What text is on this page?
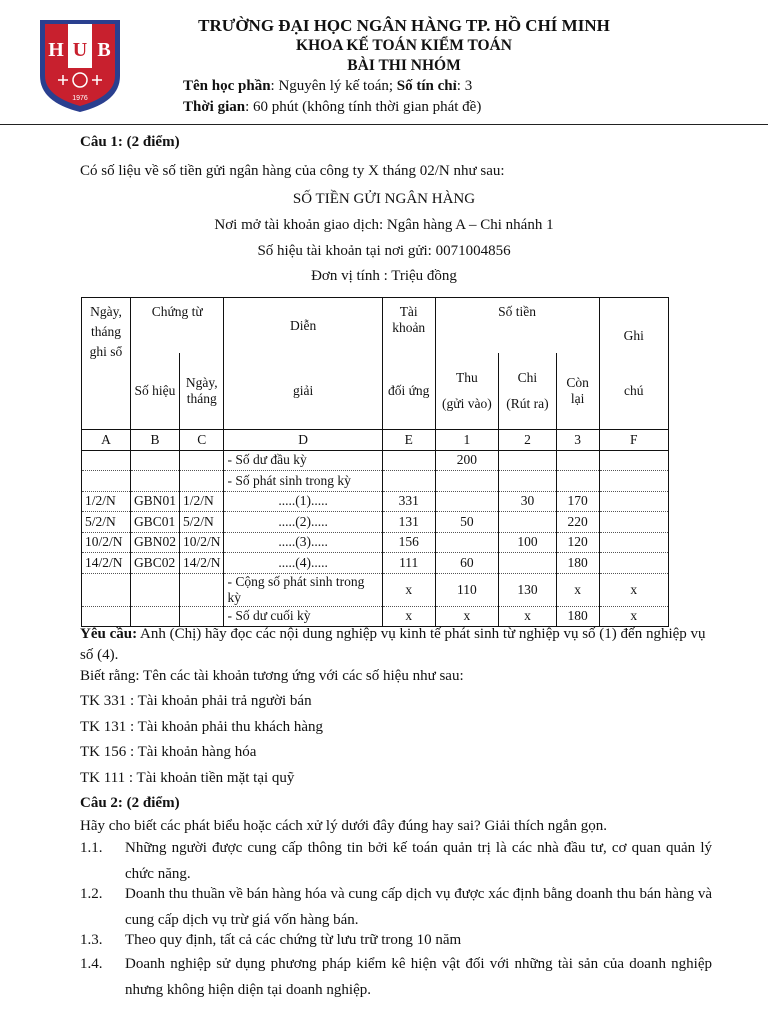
H U B
1976
TRƯỜNG ĐẠI HỌC NGÂN HÀNG TP. HỒ CHÍ MINH
KHOA KẾ TOÁN KIỂM TOÁN
BÀI THI NHÓM
Tên học phần: Nguyên lý kế toán; Số tín chỉ: 3
Thời gian: 60 phút (không tính thời gian phát đề)
Câu 1: (2 điểm)
Có số liệu về số tiền gửi ngân hàng của công ty X tháng 02/N như sau:
SỐ TIỀN GỬI NGÂN HÀNG
Nơi mở tài khoản giao dịch: Ngân hàng A – Chi nhánh 1
Số hiệu tài khoản tại nơi gửi: 0071004856
Đơn vị tính : Triệu đồng
Ngày,
tháng
ghi sổ	Chứng từ		Diễn	Tài khoản	Số tiền			Ghi
	Số hiệu	Ngày,
tháng	giải	đối ứng	Thu
(gửi vào)	Chi
(Rút ra)	Còn lại	chú
A	B	C	D	E	1	2	3	F
			- Số dư đầu kỳ		200			
			- Số phát sinh trong kỳ					
1/2/N	GBN01	1/2/N	.....(1).....	331		30	170	
5/2/N	GBC01	5/2/N	.....(2).....	131	50		220	
10/2/N	GBN02	10/2/N	.....(3).....	156		100	120	
14/2/N	GBC02	14/2/N	.....(4).....	111	60		180	
			- Cộng số phát sinh trong kỳ	x	110	130	x	x
			- Số dư cuối kỳ	x	x	x	180	x
Yêu cầu: Anh (Chị) hãy đọc các nội dung nghiệp vụ kinh tế phát sinh từ nghiệp vụ số (1) đến nghiệp vụ số (4).
Biết rằng: Tên các tài khoản tương ứng với các số hiệu như sau:
TK 331 : Tài khoản phải trả người bán
TK 131 : Tài khoản phải thu khách hàng
TK 156 : Tài khoản hàng hóa
TK 111 : Tài khoản tiền mặt tại quỹ
Câu 2: (2 điểm)
Hãy cho biết các phát biểu hoặc cách xử lý dưới đây đúng hay sai? Giải thích ngắn gọn.
1.1. Những người được cung cấp thông tin bởi kế toán quản trị là các nhà đầu tư, cơ quan quản lý chức năng.
1.2. Doanh thu thuần về bán hàng hóa và cung cấp dịch vụ được xác định bằng doanh thu bán hàng và cung cấp dịch vụ trừ giá vốn hàng bán.
1.3. Theo quy định, tất cả các chứng từ lưu trữ trong 10 năm
1.4. Doanh nghiệp sử dụng phương pháp kiểm kê hiện vật đối với những tài sản của doanh nghiệp nhưng không hiện diện tại doanh nghiệp.
